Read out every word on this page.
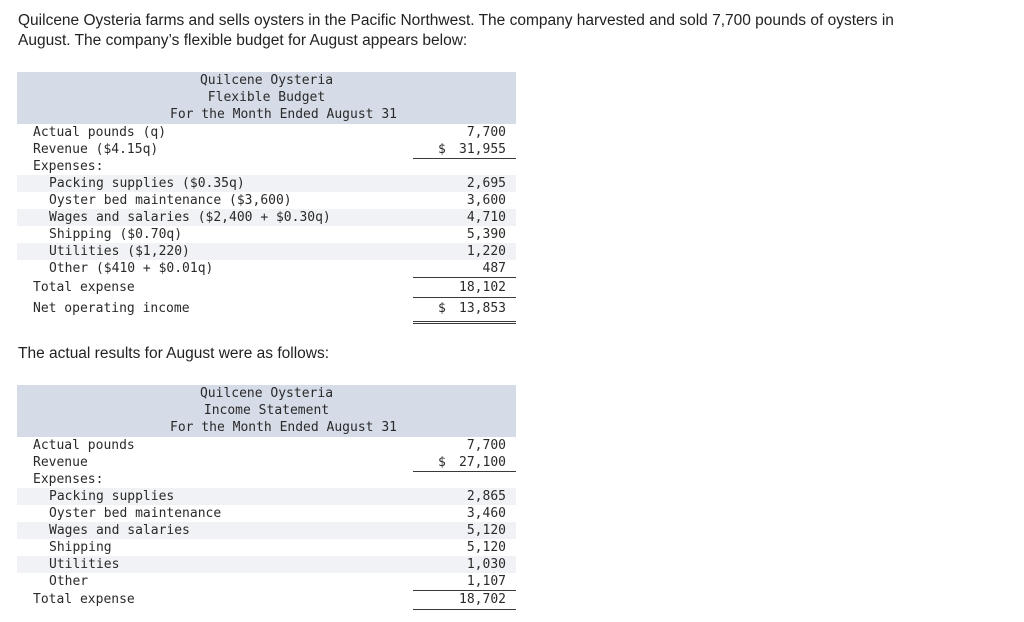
Quilcene Oysteria farms and sells oysters in the Pacific Northwest. The company harvested and sold 7,700 pounds of oysters in

August. The company’s flexible budget for August appears below:

Quilcene Oysteria
Flexible Budget
For the Month Ended August 31
Actual pounds (q)	7,700
Revenue ($4.15q)	$ 31,955
Expenses:
Packing supplies ($0.35q)	2,695
Oyster bed maintenance ($3,600)	3,600
Wages and salaries ($2,400 + $0.30q)	4,710
Shipping ($0.70q)	5,390
Utilities ($1,220)	1,220
Other ($410 + $0.01q)	487
Total expense	18,102
Net operating income	$ 13,853
The actual results for August were as follows:
Quilcene Oysteria
Income Statement
For the Month Ended August 31
Actual pounds	7,700
Revenue	$ 27,100
Expenses:
Packing supplies	2,865
Oyster bed maintenance	3,460
Wages and salaries	5,120
Shipping	5,120
Utilities	1,030
Other	1,107
Total expense	18,702
